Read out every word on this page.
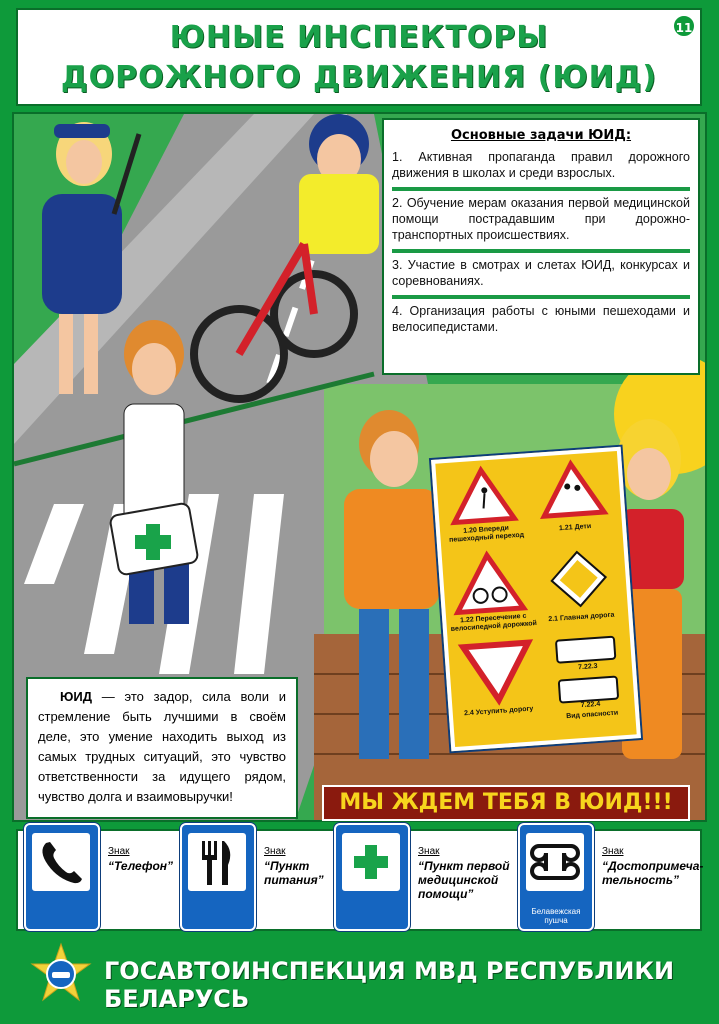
ЮНЫЕ ИНСПЕКТОРЫ
ДОРОЖНОГО ДВИЖЕНИЯ (ЮИД)
11
1.20 Впереди пешеходный переход
1.21 Дети
1.22 Пересечение с велосипедной дорожкой
2.1 Главная дорога
7.22.3
2.4 Уступить дорогу
7.22.4
Вид опасности
Основные задачи ЮИД:
1. Активная пропаганда правил дорожного движения в школах и среди взрослых.
2. Обучение мерам оказания первой медицинской помощи пострадавшим при дорожно-транспортных происшествиях.
3. Участие в смотрах и слетах ЮИД, конкурсах и соревнованиях.
4. Организация работы с юными пешеходами и велосипедистами.
ЮИД — это задор, сила воли и стремление быть лучшими в своём деле, это умение находить выход из самых трудных ситуаций, это чувство ответственности за идущего рядом, чувство долга и взаимовыручки!	МЫ ЖДЕМ ТЕБЯ В ЮИД!!!
Знак
“Телефон”
Знак
“Пункт питания”
Знак
“Пункт первой медицинской помощи”
Белавежская пушча
Знак
“Достопримеча-тельность”
ГОСАВТОИНСПЕКЦИЯ МВД РЕСПУБЛИКИ БЕЛАРУСЬ
